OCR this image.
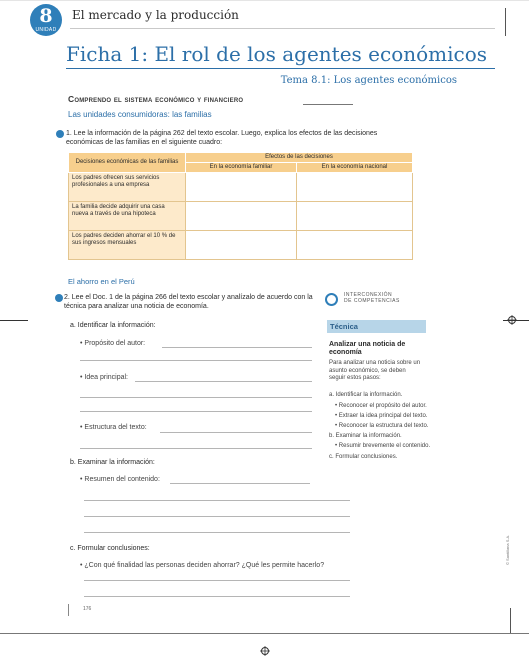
8
UNIDAD
El mercado y la producción
Ficha 1: El rol de los agentes económicos
Tema 8.1: Los agentes económicos
Comprendo el sistema económico y financiero
Las unidades consumidoras: las familias
1. Lee la información de la página 262 del texto escolar. Luego, explica los efectos de las decisiones económicas de las familias en el siguiente cuadro:
Decisiones económicas de las familias	Efectos de las decisiones	
	En la economía familiar	En la economía nacional
Los padres ofrecen sus servicios profesionales a una empresa		
La familia decide adquirir una casa nueva a través de una hipoteca		
Los padres deciden ahorrar el 10 % de sus ingresos mensuales		
El ahorro en el Perú
2. Lee el Doc. 1 de la página 266 del texto escolar y analízalo de acuerdo con la técnica para analizar una noticia de economía.
INTERCONEXIÓN
DE COMPETENCIAS
a. Identificar la información:
• Propósito del autor:
• Idea principal:
• Estructura del texto:
b. Examinar la información:
• Resumen del contenido:
c. Formular conclusiones:
• ¿Con qué finalidad las personas deciden ahorrar? ¿Qué les permite hacerlo?
Técnica
Analizar una noticia de economía
Para analizar una noticia sobre un asunto económico, se deben seguir estos pasos:
a. Identificar la información.
• Reconocer el propósito del autor.
• Extraer la idea principal del texto.
• Reconocer la estructura del texto.
b. Examinar la información.
• Resumir brevemente el contenido.
c. Formular conclusiones.
176
© Santillana S.A.
